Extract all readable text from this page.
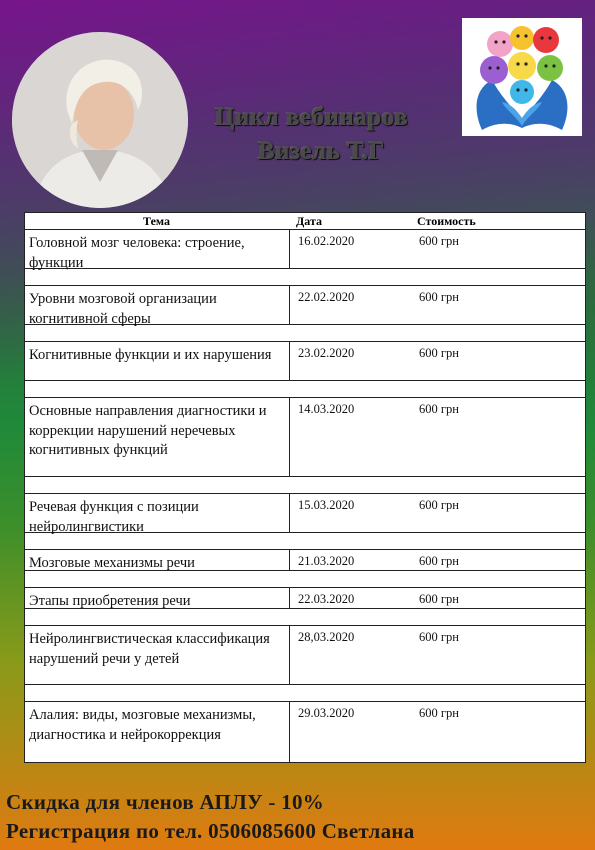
Цикл вебинаров
Визель Т.Г
Тема	Дата	Стоимость
Головной мозг человека: строение, функции
16.02.2020	600 грн
Уровни мозговой организации когнитивной сферы
22.02.2020	600 грн
Когнитивные функции и их нарушения	23.02.2020	600 грн
Основные направления диагностики и коррекции нарушений неречевых когнитивных функций
14.03.2020	600 грн
Речевая функция с позиции нейролингвистики
15.03.2020	600 грн
Мозговые механизмы речи	21.03.2020	600 грн
Этапы приобретения речи	22.03.2020	600 грн
Нейролингвистическая классификация нарушений речи у детей
28,03.2020	600 грн
Алалия: виды, мозговые механизмы, диагностика и нейрокоррекция
29.03.2020	600 грн
Скидка для членов АПЛУ - 10%
Регистрация по тел. 0506085600 Светлана
